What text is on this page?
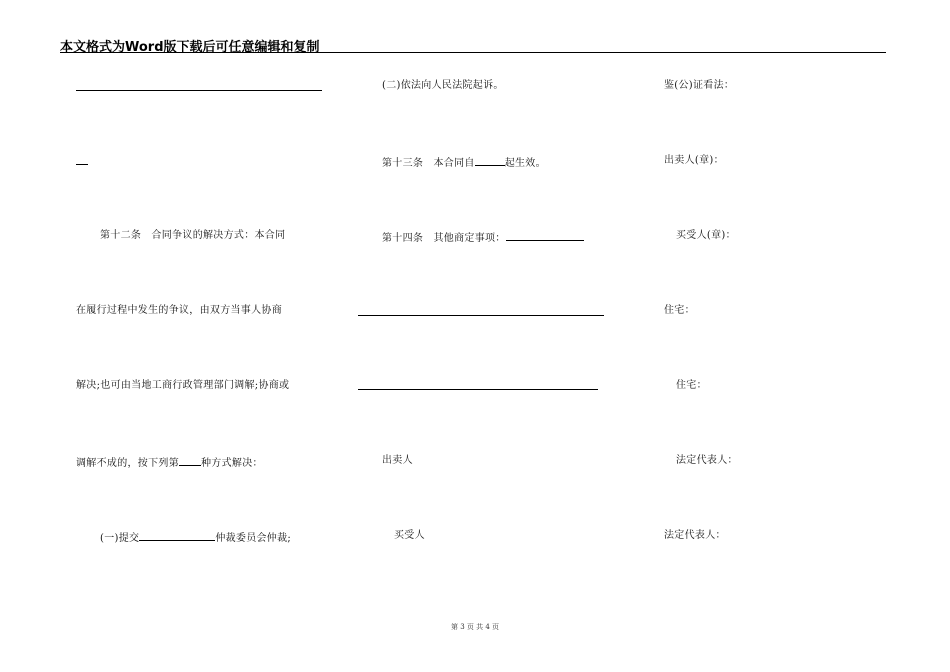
本文格式为Word版下载后可任意编辑和复制
第十二条　合同争议的解决方式：本合同
在履行过程中发生的争议，由双方当事人协商
解决;也可由当地工商行政管理部门调解;协商或
调解不成的，按下列第 种方式解决：
(一)提交	仲裁委员会仲裁;
(二)依法向人民法院起诉。
第十三条　本合同自	起生效。
第十四条　其他商定事项：
出卖人
买受人
鉴(公)证看法：
出卖人(章)：
买受人(章)：
住宅：
住宅：
法定代表人：
法定代表人：
第 3 页 共 4 页
